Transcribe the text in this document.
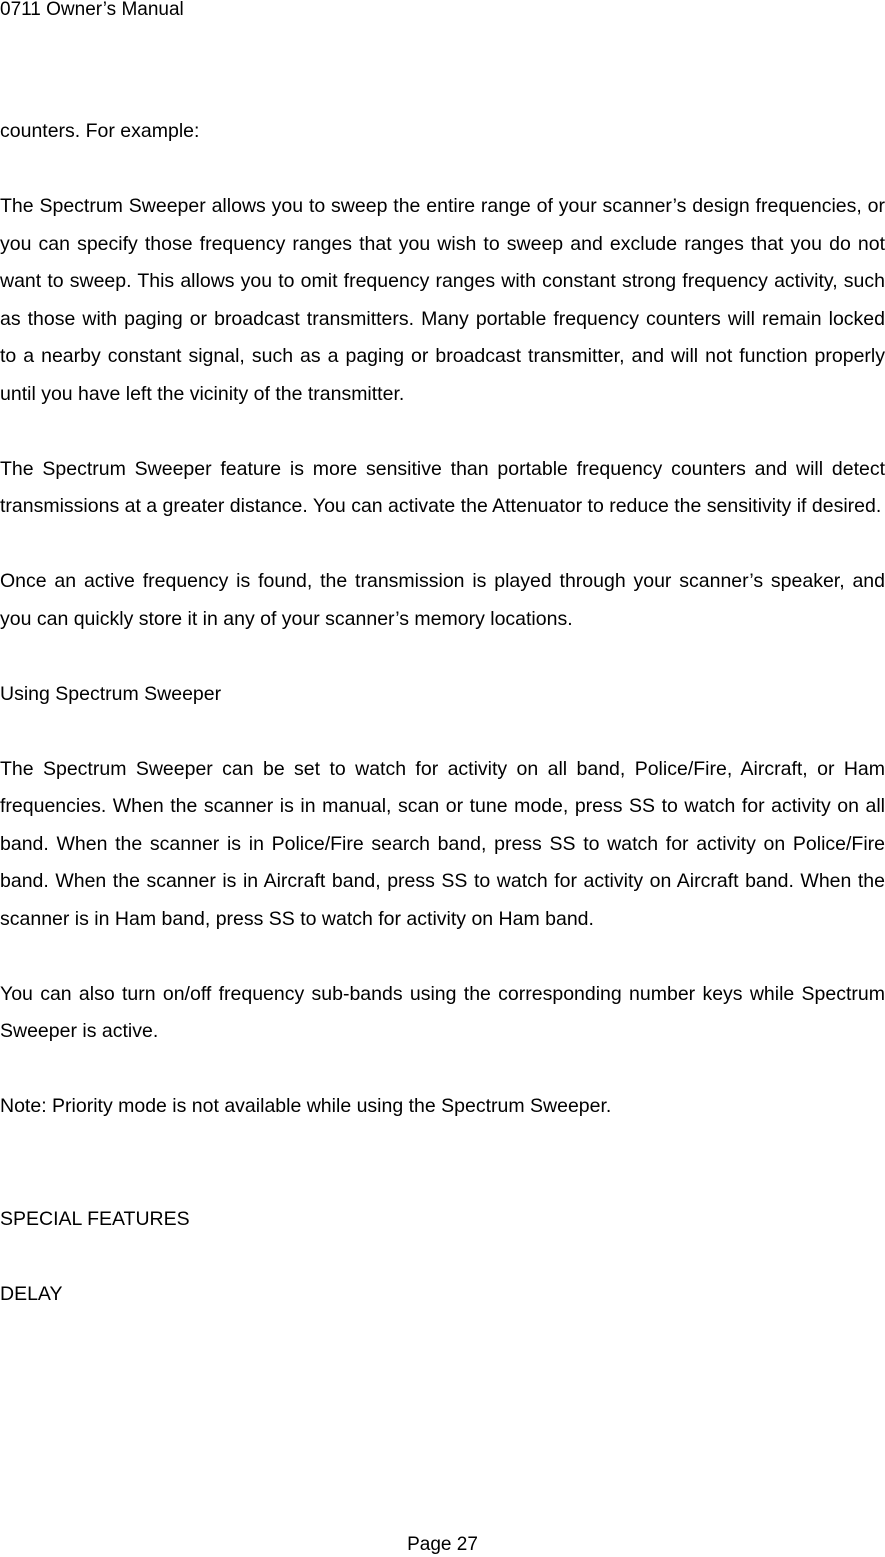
0711 Owner’s Manual

counters. For example:

The Spectrum Sweeper allows you to sweep the entire range of your scanner’s design frequencies, or you can specify those frequency ranges that you wish to sweep and exclude ranges that you do not want to sweep. This allows you to omit frequency ranges with constant strong frequency activity, such as those with paging or broadcast transmitters. Many portable frequency counters will remain locked to a nearby constant signal, such as a paging or broadcast transmitter, and will not function properly until you have left the vicinity of the transmitter.

The Spectrum Sweeper feature is more sensitive than portable frequency counters and will detect transmissions at a greater distance. You can activate the Attenuator to reduce the sensitivity if desired.

Once an active frequency is found, the transmission is played through your scanner’s speaker, and you can quickly store it in any of your scanner’s memory locations.

Using Spectrum Sweeper

The Spectrum Sweeper can be set to watch for activity on all band, Police/Fire, Aircraft, or Ham frequencies. When the scanner is in manual, scan or tune mode, press SS to watch for activity on all band. When the scanner is in Police/Fire search band, press SS to watch for activity on Police/Fire band. When the scanner is in Aircraft band, press SS to watch for activity on Aircraft band. When the scanner is in Ham band, press SS to watch for activity on Ham band.

You can also turn on/off frequency sub-bands using the corresponding number keys while Spectrum Sweeper is active.

Note: Priority mode is not available while using the Spectrum Sweeper.

SPECIAL FEATURES

DELAY

Page 27
